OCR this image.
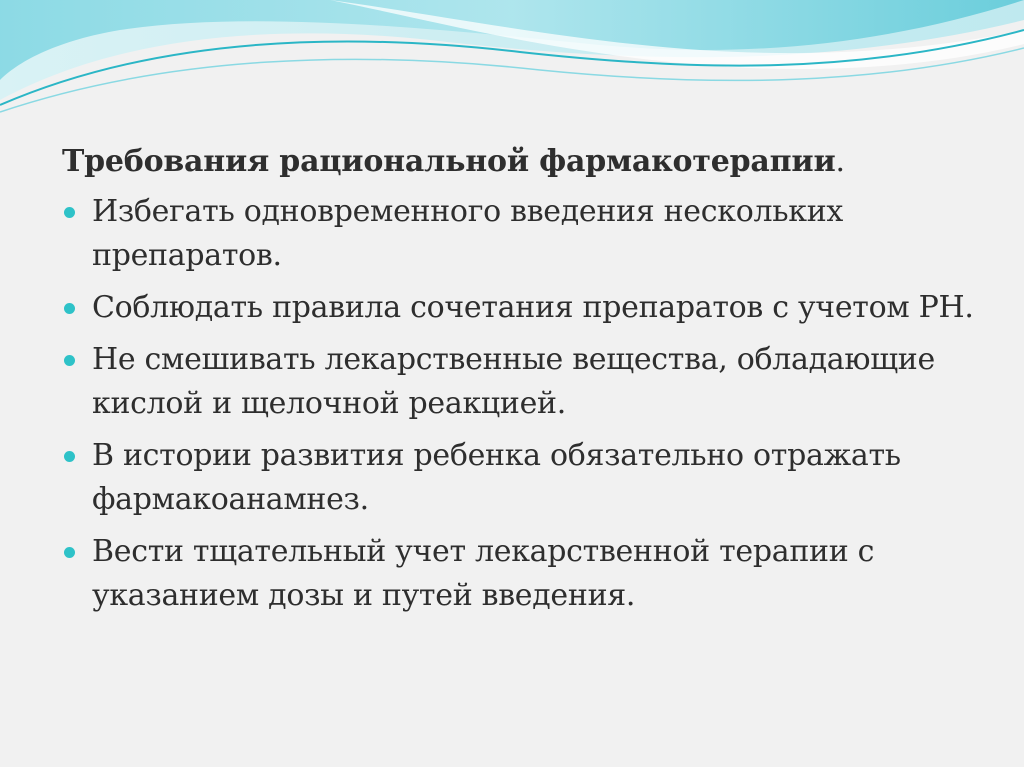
Требования рациональной фармакотерапии.
Избегать одновременного введения нескольких препаратов.
Соблюдать правила сочетания препаратов с учетом РН.
Не смешивать лекарственные вещества, обладающие кислой и щелочной реакцией.
В истории развития ребенка обязательно отражать фармакоанамнез.
Вести тщательный учет лекарственной терапии с указанием дозы и путей введения.
